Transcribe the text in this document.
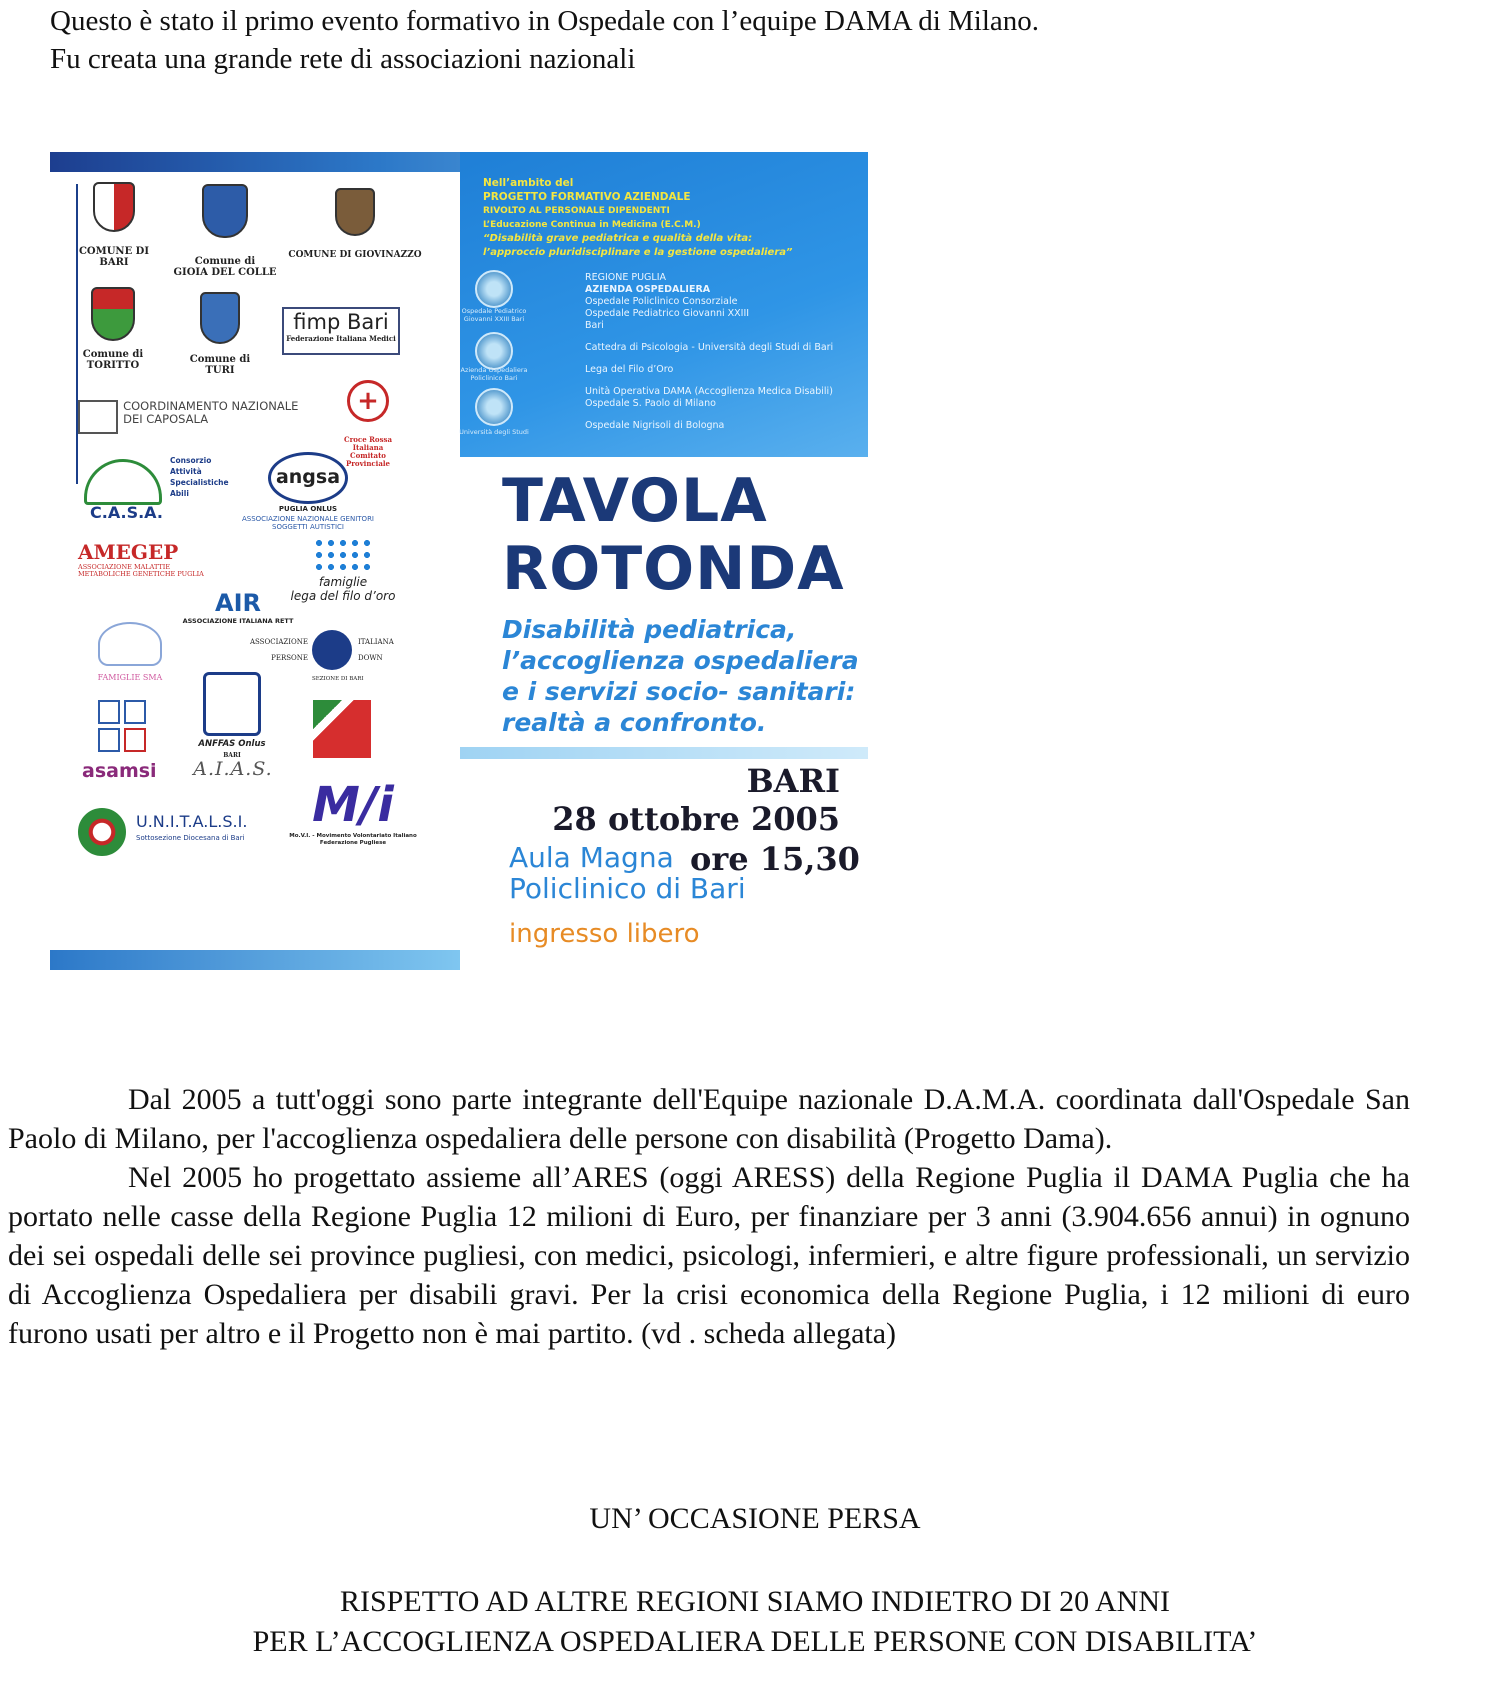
Questo è stato il primo evento formativo in Ospedale con l’equipe DAMA di Milano.

Fu creata una grande rete di associazioni nazionali

Nell’ambito del
PROGETTO FORMATIVO AZIENDALE
RIVOLTO AL PERSONALE DIPENDENTI
L’Educazione Continua in Medicina (E.C.M.)
“Disabilità grave pediatrica e qualità della vita:
l’approccio pluridisciplinare e la gestione ospedaliera”
Ospedale Pediatrico Giovanni XXIII Bari
Azienda Ospedaliera Policlinico Bari
Università degli Studi
REGIONE PUGLIA
AZIENDA OSPEDALIERA
Ospedale Policlinico Consorziale
Ospedale Pediatrico Giovanni XXIII
Bari
Cattedra di Psicologia - Università degli Studi di Bari
Lega del Filo d’Oro
Unità Operativa DAMA (Accoglienza Medica Disabili)
Ospedale S. Paolo di Milano
Ospedale Nigrisoli di Bologna
TAVOLA
ROTONDA
Disabilità pediatrica,
l’accoglienza ospedaliera
e i servizi socio- sanitari:
realtà a confronto.
BARI
28 ottobre 2005
Aula Magna
Policlinico di Bari
ore 15,30
ingresso libero
COMUNE DI BARI	Comune di
GIOIA DEL COLLE
COMUNE DI GIOVINAZZO
Comune di
TORITTO
Comune di
TURI
fimp Bari
Federazione Italiana Medici

COORDINAMENTO NAZIONALE
DEI CAPOSALA
+
Croce Rossa Italiana
Comitato Provinciale
C.A.S.A.
Consorzio
Attività
Specialistiche
Abili
angsa
PUGLIA ONLUS
ASSOCIAZIONE NAZIONALE GENITORI SOGGETTI AUTISTICI
AMEGEP
ASSOCIAZIONE MALATTIE METABOLICHE GENETICHE PUGLIA
famiglie
lega del filo d’oro
AIR
ASSOCIAZIONE ITALIANA RETT
FAMIGLIE SMA
ASSOCIAZIONE
PERSONE
ITALIANA
DOWN
SEZIONE DI BARI
asamsi
ANFFAS Onlus
BARI
A.I.A.S.
U.N.I.T.A.L.S.I.
Sottosezione Diocesana di Bari
M/i
Mo.V.I. - Movimento Volontariato Italiano
Federazione Pugliese

Dal 2005 a tutt'oggi sono parte integrante dell'Equipe nazionale D.A.M.A. coordinata dall'Ospedale San Paolo di Milano, per l'accoglienza ospedaliera delle persone con disabilità (Progetto Dama).

Nel 2005 ho progettato assieme all’ARES (oggi ARESS) della Regione Puglia il DAMA Puglia che ha portato nelle casse della Regione Puglia 12 milioni di Euro, per finanziare per 3 anni (3.904.656 annui) in ognuno dei sei ospedali delle sei province pugliesi, con medici, psicologi, infermieri, e altre figure professionali, un servizio di Accoglienza Ospedaliera per disabili gravi. Per la crisi economica della Regione Puglia, i 12 milioni di euro furono usati per altro e il Progetto non è mai partito. (vd . scheda allegata)

UN’ OCCASIONE PERSA
RISPETTO AD ALTRE REGIONI SIAMO INDIETRO DI 20 ANNI
PER L’ACCOGLIENZA OSPEDALIERA DELLE PERSONE CON DISABILITA’
